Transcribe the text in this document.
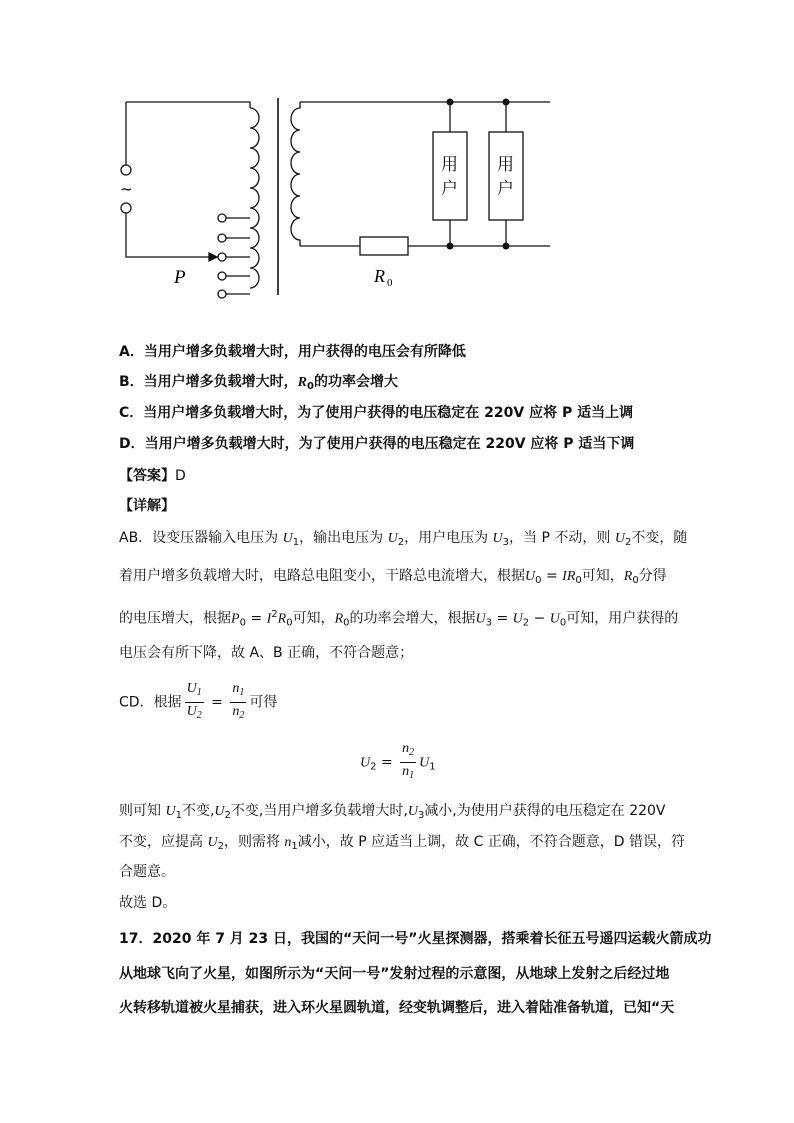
用
户
用
户
~
P	R 0
A．当用户增多负载增大时，用户获得的电压会有所降低
B．当用户增多负载增大时，$R_0$的功率会增大
C．当用户增多负载增大时，为了使用户获得的电压稳定在 220V 应将 P 适当上调
D．当用户增多负载增大时，为了使用户获得的电压稳定在 220V 应将 P 适当下调
【答案】D
【详解】
AB．设变压器输入电压为 $U_1$，输出电压为 $U_2$，用户电压为 $U_3$，当 P 不动，则 $U_2$不变，随
着用户增多负载增大时，电路总电阻变小，干路总电流增大，根据$U_0 = IR_0$可知，$R_0$分得
的电压增大，根据$P_0 = I^2R_0$可知，$R_0$的功率会增大，根据$U_3 = U_2 - U_0$可知，用户获得的
电压会有所下降，故 A、B 正确，不符合题意；
CD．根据 $\frac{U_1}{U_2} = \frac{n_1}{n_2}$ 可得
$U_2 = \frac{n_2}{n_1} U_1$
则可知 $U_1$不变$,U_2$不变,当用户增多负载增大时$,U_3$减小,为使用户获得的电压稳定在 220V
不变，应提高 $U_2$，则需将 $n_1$减小，故 P 应适当上调，故 C 正确，不符合题意，D 错误，符
合题意。
故选 D。
17．2020 年 7 月 23 日，我国的“天问一号”火星探测器，搭乘着长征五号遥四运载火箭成功
从地球飞向了火星，如图所示为“天问一号”发射过程的示意图，从地球上发射之后经过地
火转移轨道被火星捕获，进入环火星圆轨道，经变轨调整后，进入着陆准备轨道，已知“天
